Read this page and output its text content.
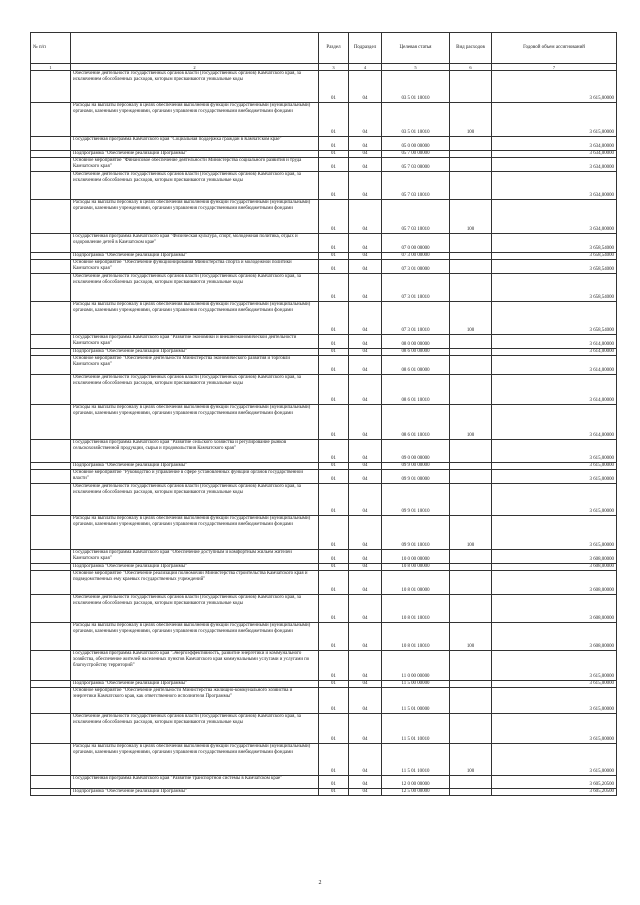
№ п/п		Раздел	Подраздел	Целевая статья	Вид расходов	Годовой объем ассигнований
1	2	3	4	5	6	7
	Обеспечение деятельности государственных органов власти (государственных органов) Камчатского края, за исключением обособленных расходов, которым присваиваются уникальные коды	01	04	03 5 01 10010		3 615,00000
	Расходы на выплаты персоналу в целях обеспечения выполнения функций государственными (муниципальными) органами, казенными учреждениями, органами управления государственными внебюджетными фондами	01	04	03 5 01 10010	100	3 615,00000
	Государственная программа Камчатского края "Социальная поддержка граждан в Камчатском крае"	01	04	05 0 00 00000		3 634,00000
	Подпрограмма "Обеспечение реализации Программы"	01	04	05 7 00 00000		3 634,00000
	Основное мероприятие "Финансовое обеспечение деятельности Министерства социального развития и труда Камчатского края"	01	04	05 7 03 00000		3 634,00000
	Обеспечение деятельности государственных органов власти (государственных органов) Камчатского края, за исключением обособленных расходов, которым присваиваются уникальные коды	01	04	05 7 03 10010		3 634,00000
	Расходы на выплаты персоналу в целях обеспечения выполнения функций государственными (муниципальными) органами, казенными учреждениями, органами управления государственными внебюджетными фондами	01	04	05 7 03 10010	100	3 634,00000
	Государственная программа Камчатского края "Физическая культура, спорт, молодежная политика, отдых и оздоровление детей в Камчатском крае"	01	04	07 0 00 00000		3 658,54000
	Подпрограмма "Обеспечение реализации Программы"	01	04	07 3 00 00000		3 658,54000
	Основное мероприятие "Обеспечение функционирования Министерства спорта и молодежной политики Камчатского края"	01	04	07 3 01 00000		3 658,54000
	Обеспечение деятельности государственных органов власти (государственных органов) Камчатского края, за исключением обособленных расходов, которым присваиваются уникальные коды	01	04	07 3 01 10010		3 658,54000
	Расходы на выплаты персоналу в целях обеспечения выполнения функций государственными (муниципальными) органами, казенными учреждениями, органами управления государственными внебюджетными фондами	01	04	07 3 01 10010	100	3 658,54000
	Государственная программа Камчатского края "Развитие экономики и внешнеэкономической деятельности Камчатского края"	01	04	08 0 00 00000		3 614,00000
	Подпрограмма "Обеспечение реализации Программы"	01	04	08 6 00 00000		3 614,00000
	Основное мероприятие "Обеспечение деятельности Министерства экономического развития и торговли Камчатского края"	01	04	08 6 01 00000		3 614,00000
	Обеспечение деятельности государственных органов власти (государственных органов) Камчатского края, за исключением обособленных расходов, которым присваиваются уникальные коды	01	04	08 6 01 10010		3 614,00000
	Расходы на выплаты персоналу в целях обеспечения выполнения функций государственными (муниципальными) органами, казенными учреждениями, органами управления государственными внебюджетными фондами	01	04	08 6 01 10010	100	3 614,00000
	Государственная программа Камчатского края "Развитие сельского хозяйства и регулирование рынков сельскохозяйственной продукции, сырья и продовольствия Камчатского края"	01	04	09 0 00 00000		3 615,00000
	Подпрограмма "Обеспечение реализации Программы"	01	04	09 9 00 00000		3 615,00000
	Основное мероприятие "Руководство и управление в сфере установленных функций органов государственной власти"	01	04	09 9 01 00000		3 615,00000
	Обеспечение деятельности государственных органов власти (государственных органов) Камчатского края, за исключением обособленных расходов, которым присваиваются уникальные коды	01	04	09 9 01 10010		3 615,00000
	Расходы на выплаты персоналу в целях обеспечения выполнения функций государственными (муниципальными) органами, казенными учреждениями, органами управления государственными внебюджетными фондами	01	04	09 9 01 10010	100	3 615,00000
	Государственная программа Камчатского края "Обеспечение доступным и комфортным жильем жителей Камчатского края"	01	04	10 0 00 00000		3 608,00000
	Подпрограмма "Обеспечение реализации Программы"	01	04	10 8 00 00000		3 608,00000
	Основное мероприятие "Обеспечение реализации полномочий Министерства строительства Камчатского края и подведомственных ему краевых государственных учреждений"	01	04	10 8 01 00000		3 608,00000
	Обеспечение деятельности государственных органов власти (государственных органов) Камчатского края, за исключением обособленных расходов, которым присваиваются уникальные коды	01	04	10 8 01 10010		3 608,00000
	Расходы на выплаты персоналу в целях обеспечения выполнения функций государственными (муниципальными) органами, казенными учреждениями, органами управления государственными внебюджетными фондами	01	04	10 8 01 10010	100	3 608,00000
	Государственная программа Камчатского края "Энергоэффективность, развитие энергетики и коммунального хозяйства, обеспечение жителей населенных пунктов Камчатского края коммунальными услугами и услугами по благоустройству территорий"	01	04	11 0 00 00000		3 615,00000
	Подпрограмма "Обеспечение реализации Программы"	01	04	11 5 00 00000		3 615,00000
	Основное мероприятие "Обеспечение деятельности Министерства жилищно-коммунального хозяйства и энергетики Камчатского края, как ответственного исполнителя Программы"	01	04	11 5 01 00000		3 615,00000
	Обеспечение деятельности государственных органов власти (государственных органов) Камчатского края, за исключением обособленных расходов, которым присваиваются уникальные коды	01	04	11 5 01 10010		3 615,00000
	Расходы на выплаты персоналу в целях обеспечения выполнения функций государственными (муниципальными) органами, казенными учреждениями, органами управления государственными внебюджетными фондами	01	04	11 5 01 10010	100	3 615,00000
	Государственная программа Камчатского края "Развитие транспортной системы в Камчатском крае"	01	04	12 0 00 00000		3 605,20500
	Подпрограмма "Обеспечение реализации Программы"	01	04	12 5 00 00000		3 605,20500
2
